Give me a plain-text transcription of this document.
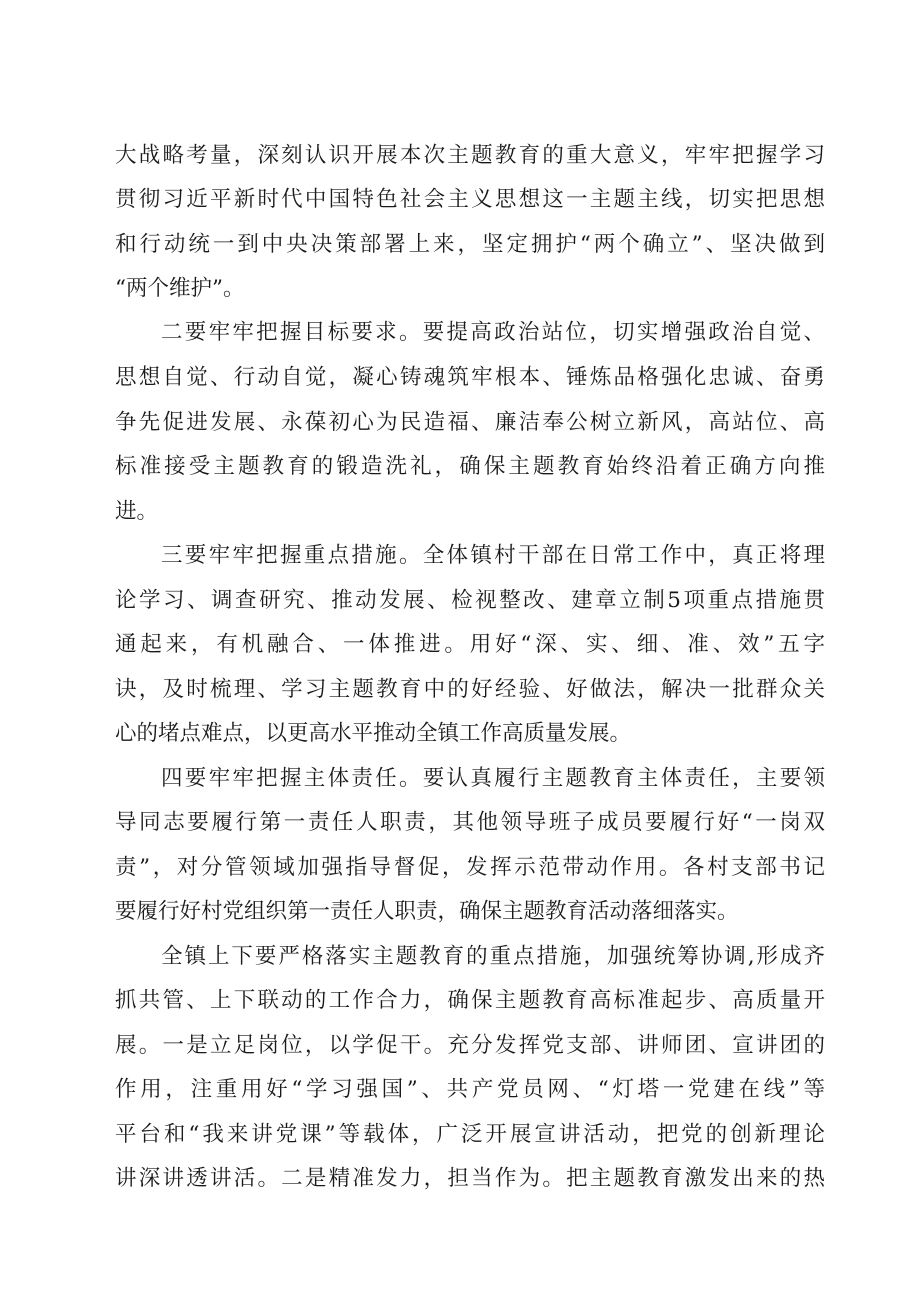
大战略考量，深刻认识开展本次主题教育的重大意义，牢牢把握学习

贯彻习近平新时代中国特色社会主义思想这一主题主线，切实把思想

和行动统一到中央决策部署上来，坚定拥护“两个确立”、坚决做到

“两个维护”。

二要牢牢把握目标要求。要提高政治站位，切实增强政治自觉、

思想自觉、行动自觉，凝心铸魂筑牢根本、锤炼品格强化忠诚、奋勇

争先促进发展、永葆初心为民造福、廉洁奉公树立新风，高站位、高

标准接受主题教育的锻造洗礼，确保主题教育始终沿着正确方向推

进。

三要牢牢把握重点措施。全体镇村干部在日常工作中，真正将理

论学习、调查研究、推动发展、检视整改、建章立制5项重点措施贯

通起来，有机融合、一体推进。用好“深、实、细、准、效”五字

诀，及时梳理、学习主题教育中的好经验、好做法，解决一批群众关

心的堵点难点，以更高水平推动全镇工作高质量发展。

四要牢牢把握主体责任。要认真履行主题教育主体责任，主要领

导同志要履行第一责任人职责，其他领导班子成员要履行好“一岗双

责”，对分管领域加强指导督促，发挥示范带动作用。各村支部书记

要履行好村党组织第一责任人职责，确保主题教育活动落细落实。

全镇上下要严格落实主题教育的重点措施，加强统筹协调,形成齐

抓共管、上下联动的工作合力，确保主题教育高标准起步、高质量开

展。一是立足岗位，以学促干。充分发挥党支部、讲师团、宣讲团的

作用，注重用好“学习强国”、共产党员网、“灯塔一党建在线”等

平台和“我来讲党课”等载体，广泛开展宣讲活动，把党的创新理论

讲深讲透讲活。二是精准发力，担当作为。把主题教育激发出来的热
